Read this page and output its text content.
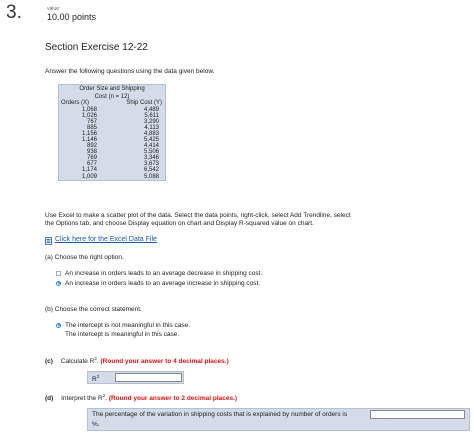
3.	value:
10.00 points
Section Exercise 12-22
Answer the following questions using the data given below.
Order Size and Shipping
Cost (n = 12)
Orders (X)	Ship Cost (Y)
1,068	4,489
1,026	5,611
767	3,290
885	4,113
1,156	4,883
1,146	5,425
892	4,414
938	5,506
769	3,346
677	3,673
1,174	6,542
1,009	5,088
Use Excel to make a scatter plot of the data. Select the data points, right-click, select Add Trendline, select
the Options tab, and choose Display equation on chart and Display R-squared value on chart.
Click here for the Excel Data File
(a) Choose the right option.
An increase in orders leads to an average decrease in shipping cost.
An increase in orders leads to an average increase in shipping cost.
(b) Choose the correct statement.
The intercept is not meaningful in this case.
The intercept is meaningful in this case.
(c) Calculate $R^2$. (Round your answer to 4 decimal places.)
$R^2$
(d) Interpret the $R^2$. (Round your answer to 2 decimal places.)
The percentage of the variation in shipping costs that is explained by number of orders is
%.
